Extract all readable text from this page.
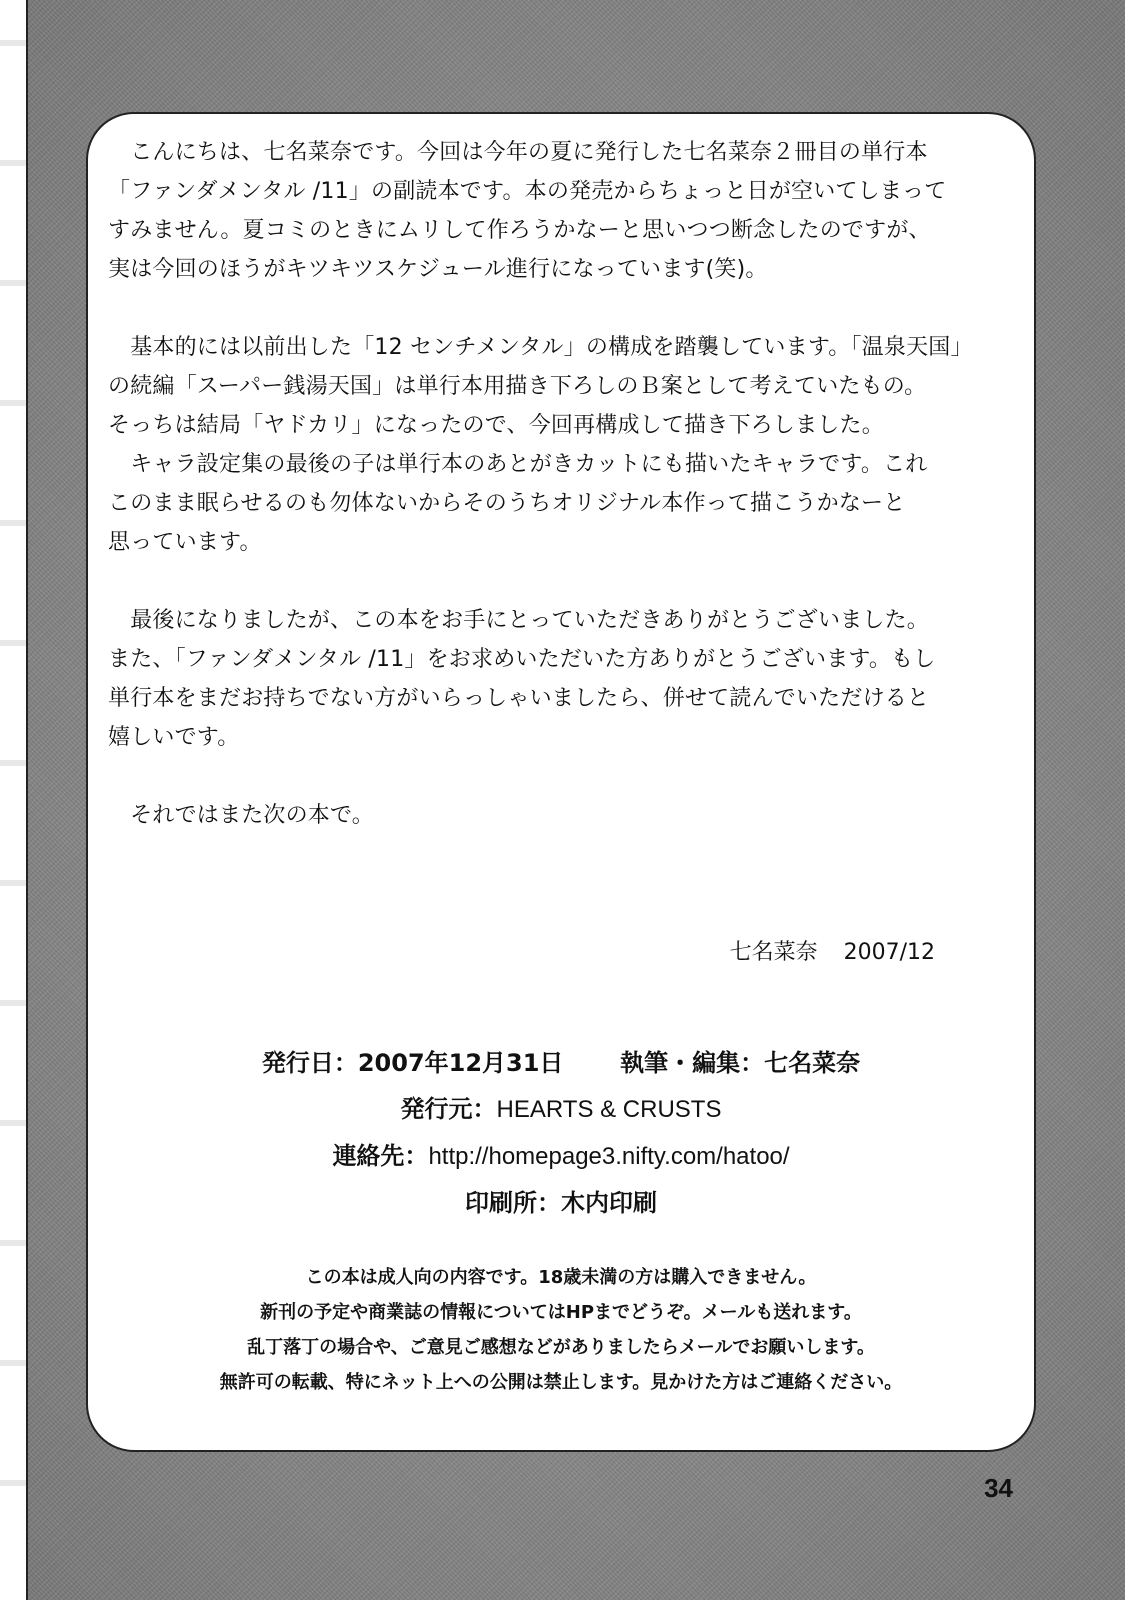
　こんにちは、七名菜奈です。今回は今年の夏に発行した七名菜奈２冊目の単行本
「ファンダメンタル /11」の副読本です。本の発売からちょっと日が空いてしまって
すみません。夏コミのときにムリして作ろうかなーと思いつつ断念したのですが、
実は今回のほうがキツキツスケジュール進行になっています(笑)。

　基本的には以前出した「12 センチメンタル」の構成を踏襲しています。「温泉天国」
の続編「スーパー銭湯天国」は単行本用描き下ろしのＢ案として考えていたもの。
そっちは結局「ヤドカリ」になったので、今回再構成して描き下ろしました。
　キャラ設定集の最後の子は単行本のあとがきカットにも描いたキャラです。これ
このまま眠らせるのも勿体ないからそのうちオリジナル本作って描こうかなーと
思っています。

　最後になりましたが、この本をお手にとっていただきありがとうございました。
また、「ファンダメンタル /11」をお求めいただいた方ありがとうございます。もし
単行本をまだお持ちでない方がいらっしゃいましたら、併せて読んでいただけると
嬉しいです。

　それではまた次の本で。

七名菜奈 2007/12
発行日：2007年12月31日 執筆・編集：七名菜奈
発行元：HEARTS & CRUSTS
連絡先：http://homepage3.nifty.com/hatoo/
印刷所：木内印刷
この本は成人向の内容です。18歳未満の方は購入できません。
新刊の予定や商業誌の情報についてはHPまでどうぞ。メールも送れます。
乱丁落丁の場合や、ご意見ご感想などがありましたらメールでお願いします。
無許可の転載、特にネット上への公開は禁止します。見かけた方はご連絡ください。
34
